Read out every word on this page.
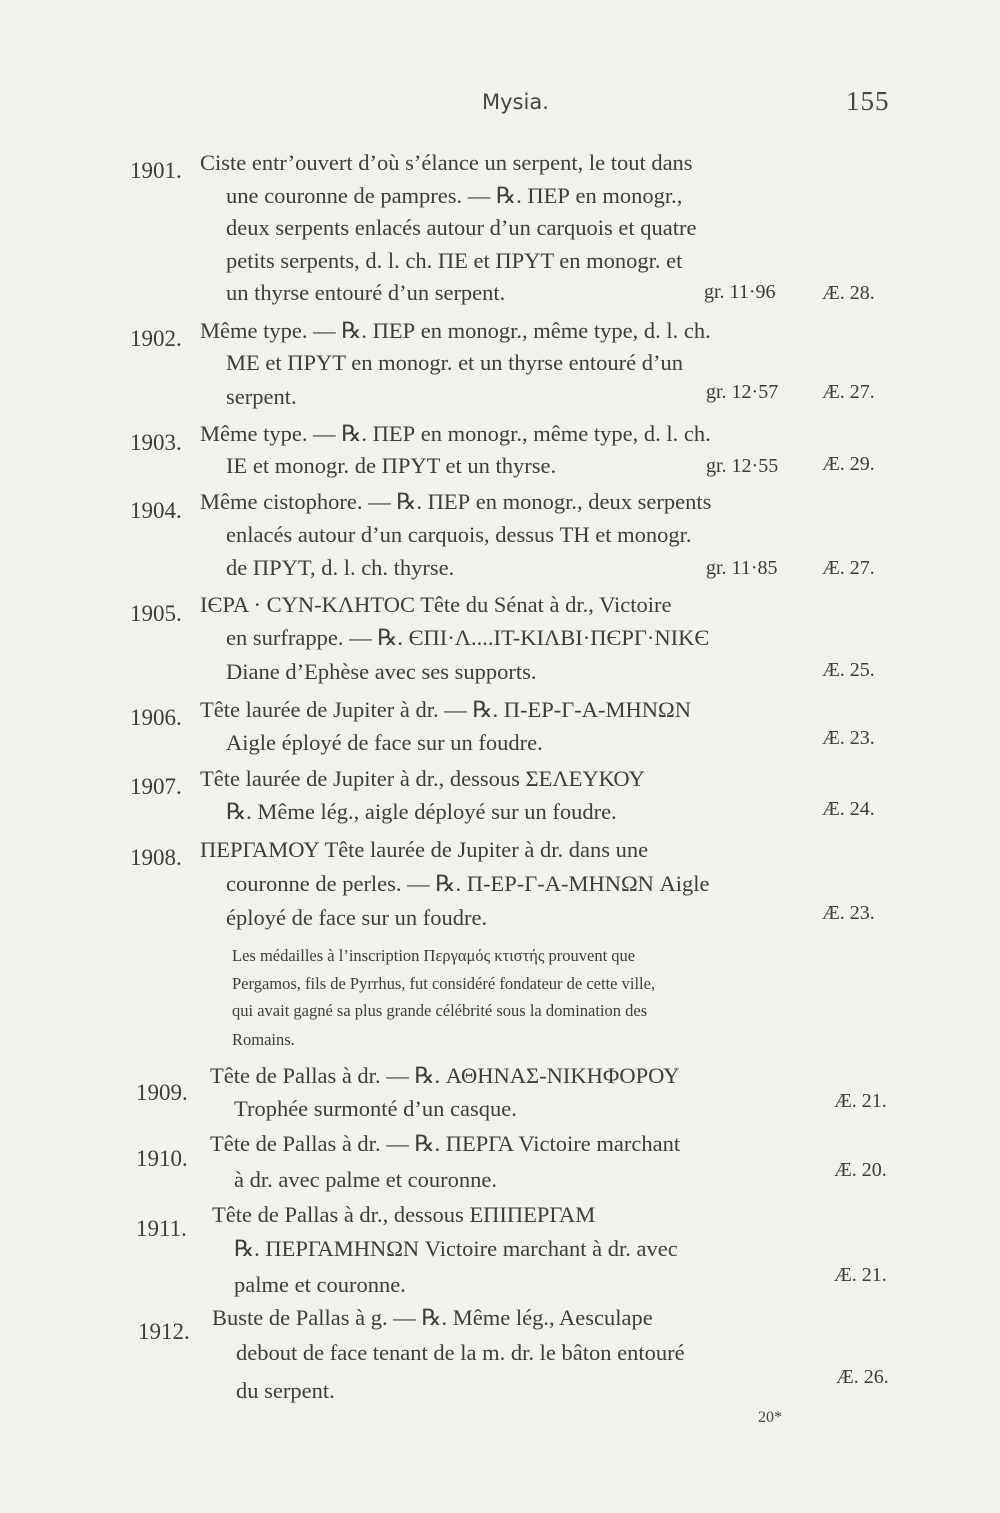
Mysia.	155
1901. Ciste entr’ouvert d’où s’élance un serpent, le tout dans
une couronne de pampres. — ℞. ΠΕΡ en monogr.,
deux serpents enlacés autour d’un carquois et quatre
petits serpents, d. l. ch. ΠΕ et ΠΡΥΤ en monogr. et
un thyrse entouré d’un serpent.	gr. 11·96 Æ. 28.
1902. Même type. — ℞. ΠΕΡ en monogr., même type, d. l. ch.
ΜΕ et ΠΡΥΤ en monogr. et un thyrse entouré d’un
serpent.	gr. 12·57 Æ. 27.
1903. Même type. — ℞. ΠΕΡ en monogr., même type, d. l. ch.
ΙΕ et monogr. de ΠΡΥΤ et un thyrse.	gr. 12·55 Æ. 29.
1904. Même cistophore. — ℞. ΠΕΡ en monogr., deux serpents
enlacés autour d’un carquois, dessus ΤΗ et monogr.
de ΠΡΥΤ, d. l. ch. thyrse.	gr. 11·85 Æ. 27.
1905. ΙЄΡΑ · CΥΝ-ΚΛΗΤΟC Tête du Sénat à dr., Victoire
en surfrappe. — ℞. ЄΠΙ·Λ....ΙΤ-ΚΙΛΒΙ·ΠЄΡΓ·ΝΙΚЄ
Diane d’Ephèse avec ses supports.	Æ. 25.
1906. Tête laurée de Jupiter à dr. — ℞. Π-ΕΡ-Γ-Α-ΜΗΝΩΝ
Aigle éployé de face sur un foudre.	Æ. 23.
1907. Tête laurée de Jupiter à dr., dessous ΣΕΛΕΥΚΟΥ
℞. Même lég., aigle déployé sur un foudre.	Æ. 24.
1908. ΠΕΡΓΑΜΟΥ Tête laurée de Jupiter à dr. dans une
couronne de perles. — ℞. Π-ΕΡ-Γ-Α-ΜΗΝΩΝ Aigle
éployé de face sur un foudre.	Æ. 23.
Les médailles à l’inscription Περγαμός κτιστής prouvent que
Pergamos, fils de Pyrrhus, fut considéré fondateur de cette ville,
qui avait gagné sa plus grande célébrité sous la domination des
Romains.
1909.
Tête de Pallas à dr. — ℞. ΑΘΗΝΑΣ-ΝΙΚΗΦΟΡΟΥ
Trophée surmonté d’un casque.	Æ. 21.
1910.
Tête de Pallas à dr. — ℞. ΠΕΡΓΑ Victoire marchant
à dr. avec palme et couronne.	Æ. 20.
1911.
Tête de Pallas à dr., dessous ΕΠΙΠΕΡΓΑΜ
℞. ΠΕΡΓΑΜΗΝΩΝ Victoire marchant à dr. avec
palme et couronne.	Æ. 21.
1912.
Buste de Pallas à g. — ℞. Même lég., Aesculape
debout de face tenant de la m. dr. le bâton entouré
du serpent.
Æ. 26.
20*
